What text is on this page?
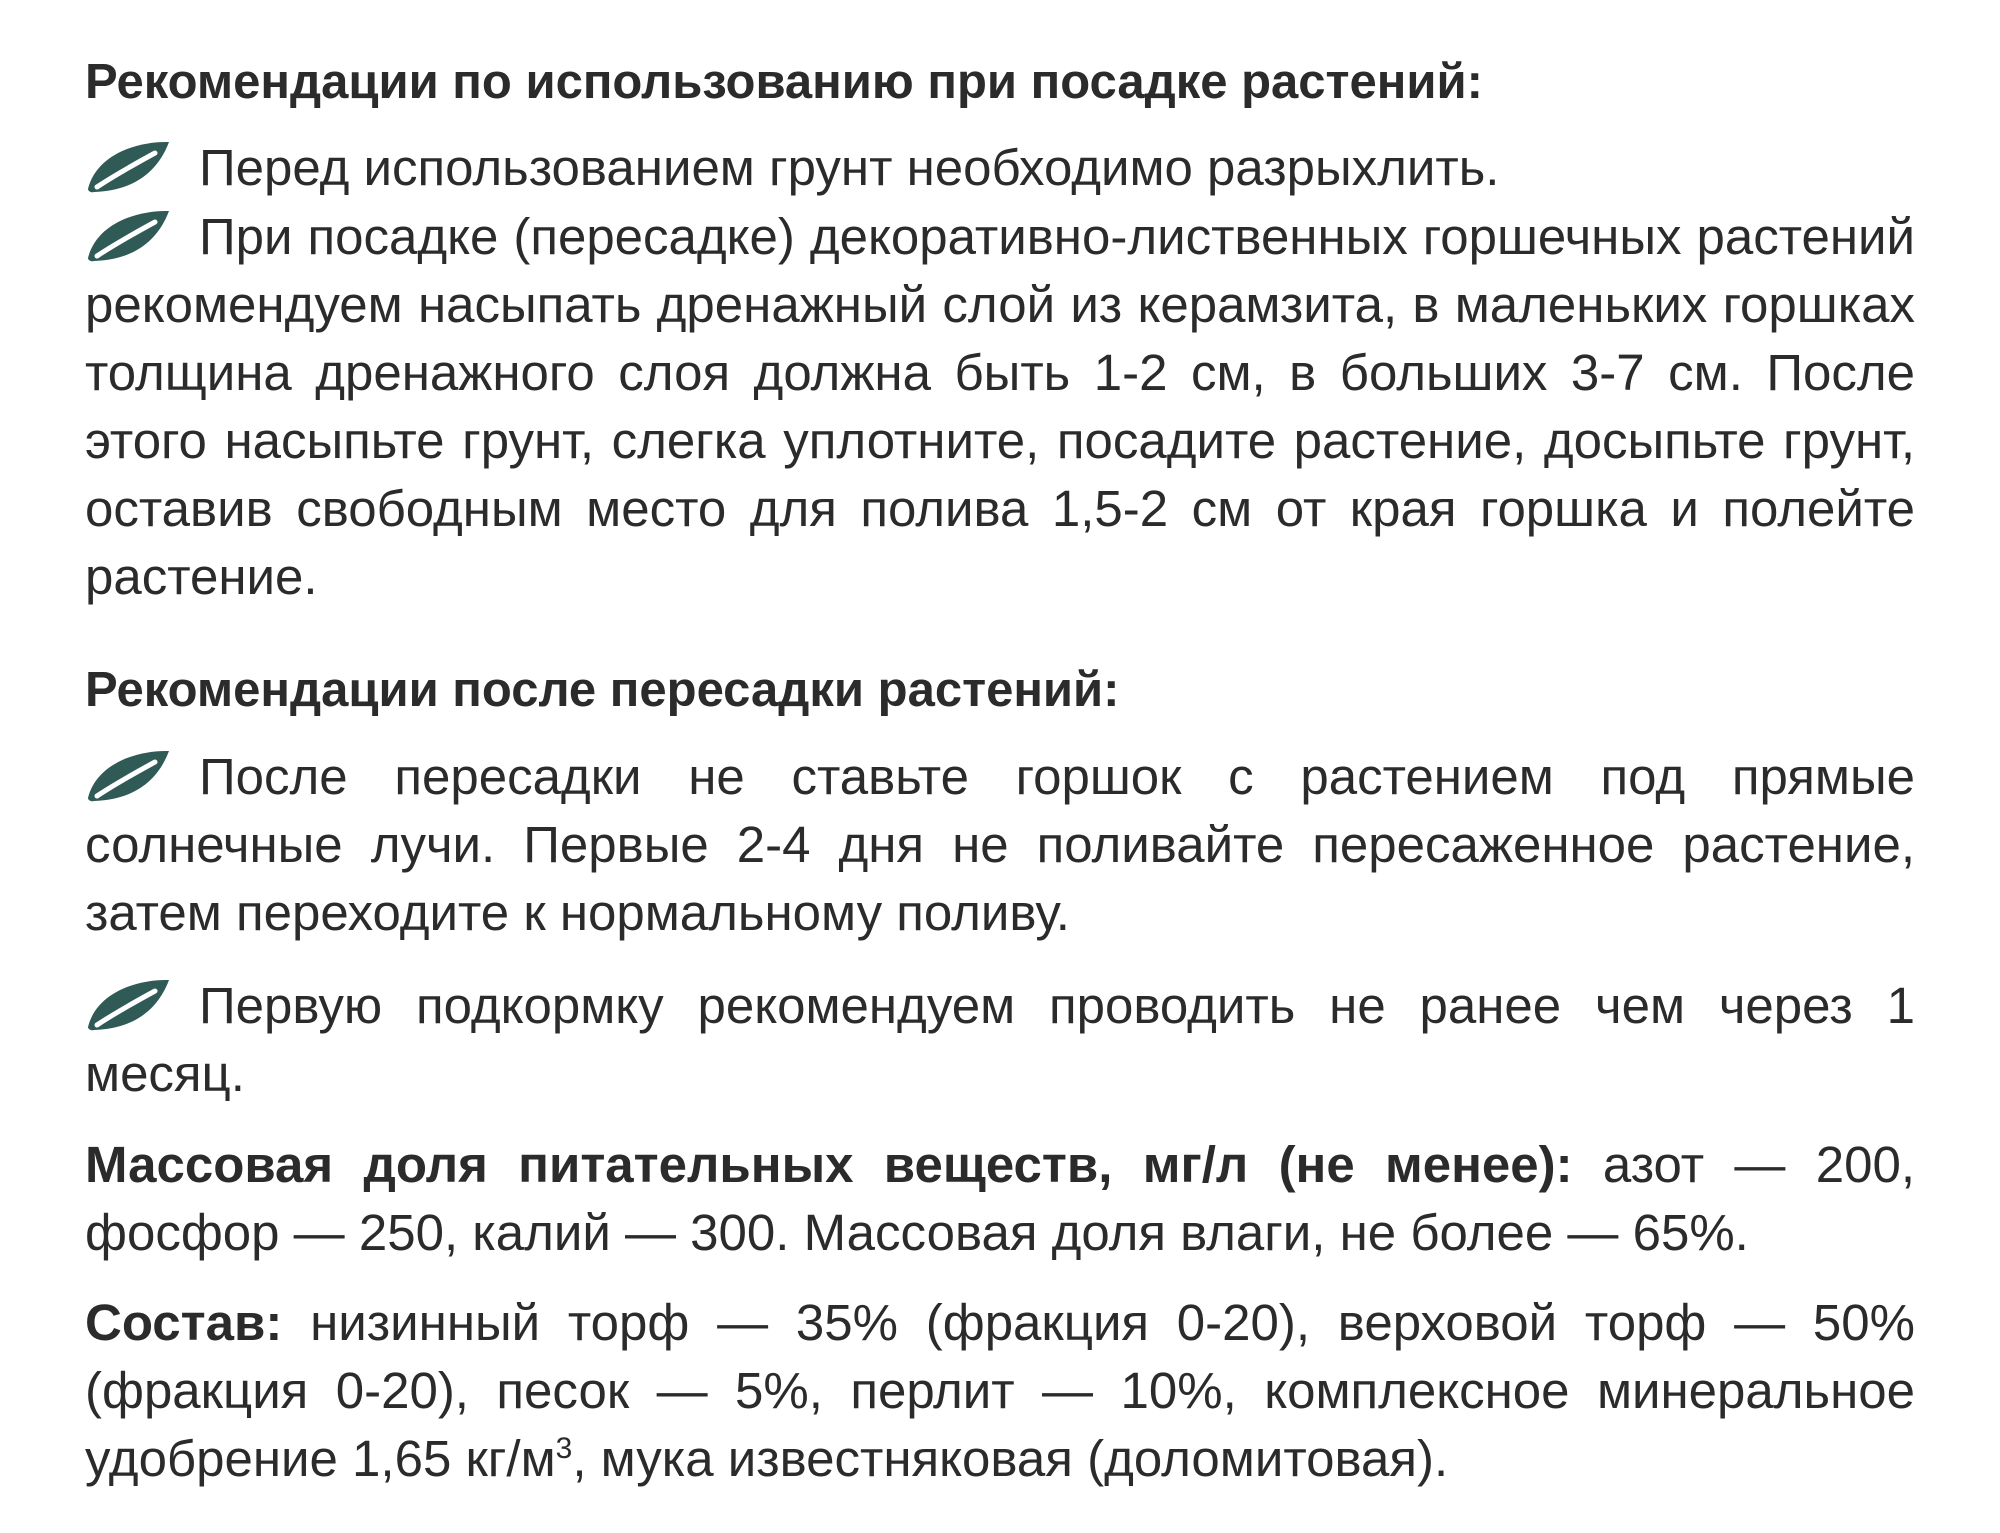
Рекомендации по использованию при посадке растений:
Перед использованием грунт необходимо разрыхлить.
При посадке (пересадке) декоративно-лиственных горшечных растений рекомендуем насыпать дренажный слой из керамзита, в маленьких горшках толщина дренажного слоя должна быть 1-2 см, в больших 3-7 см. После этого насыпьте грунт, слегка уплотните, посадите растение, досыпьте грунт, оставив свободным место для полива 1,5-2 см от края горшка и полейте растение.
Рекомендации после пересадки растений:
После пересадки не ставьте горшок с растением под прямые солнечные лучи. Первые 2-4 дня не поливайте пересаженное растение, затем переходите к нормальному поливу.
Первую подкормку рекомендуем проводить не ранее чем через 1 месяц.
Массовая доля питательных веществ, мг/л (не менее): азот — 200, фосфор — 250, калий — 300. Массовая доля влаги, не более — 65%.
Состав: низинный торф — 35% (фракция 0-20), верховой торф — 50% (фракция 0-20), песок — 5%, перлит — 10%, комплексное минеральное удобрение 1,65 $кг/м^3$, мука известняковая (доломитовая).
